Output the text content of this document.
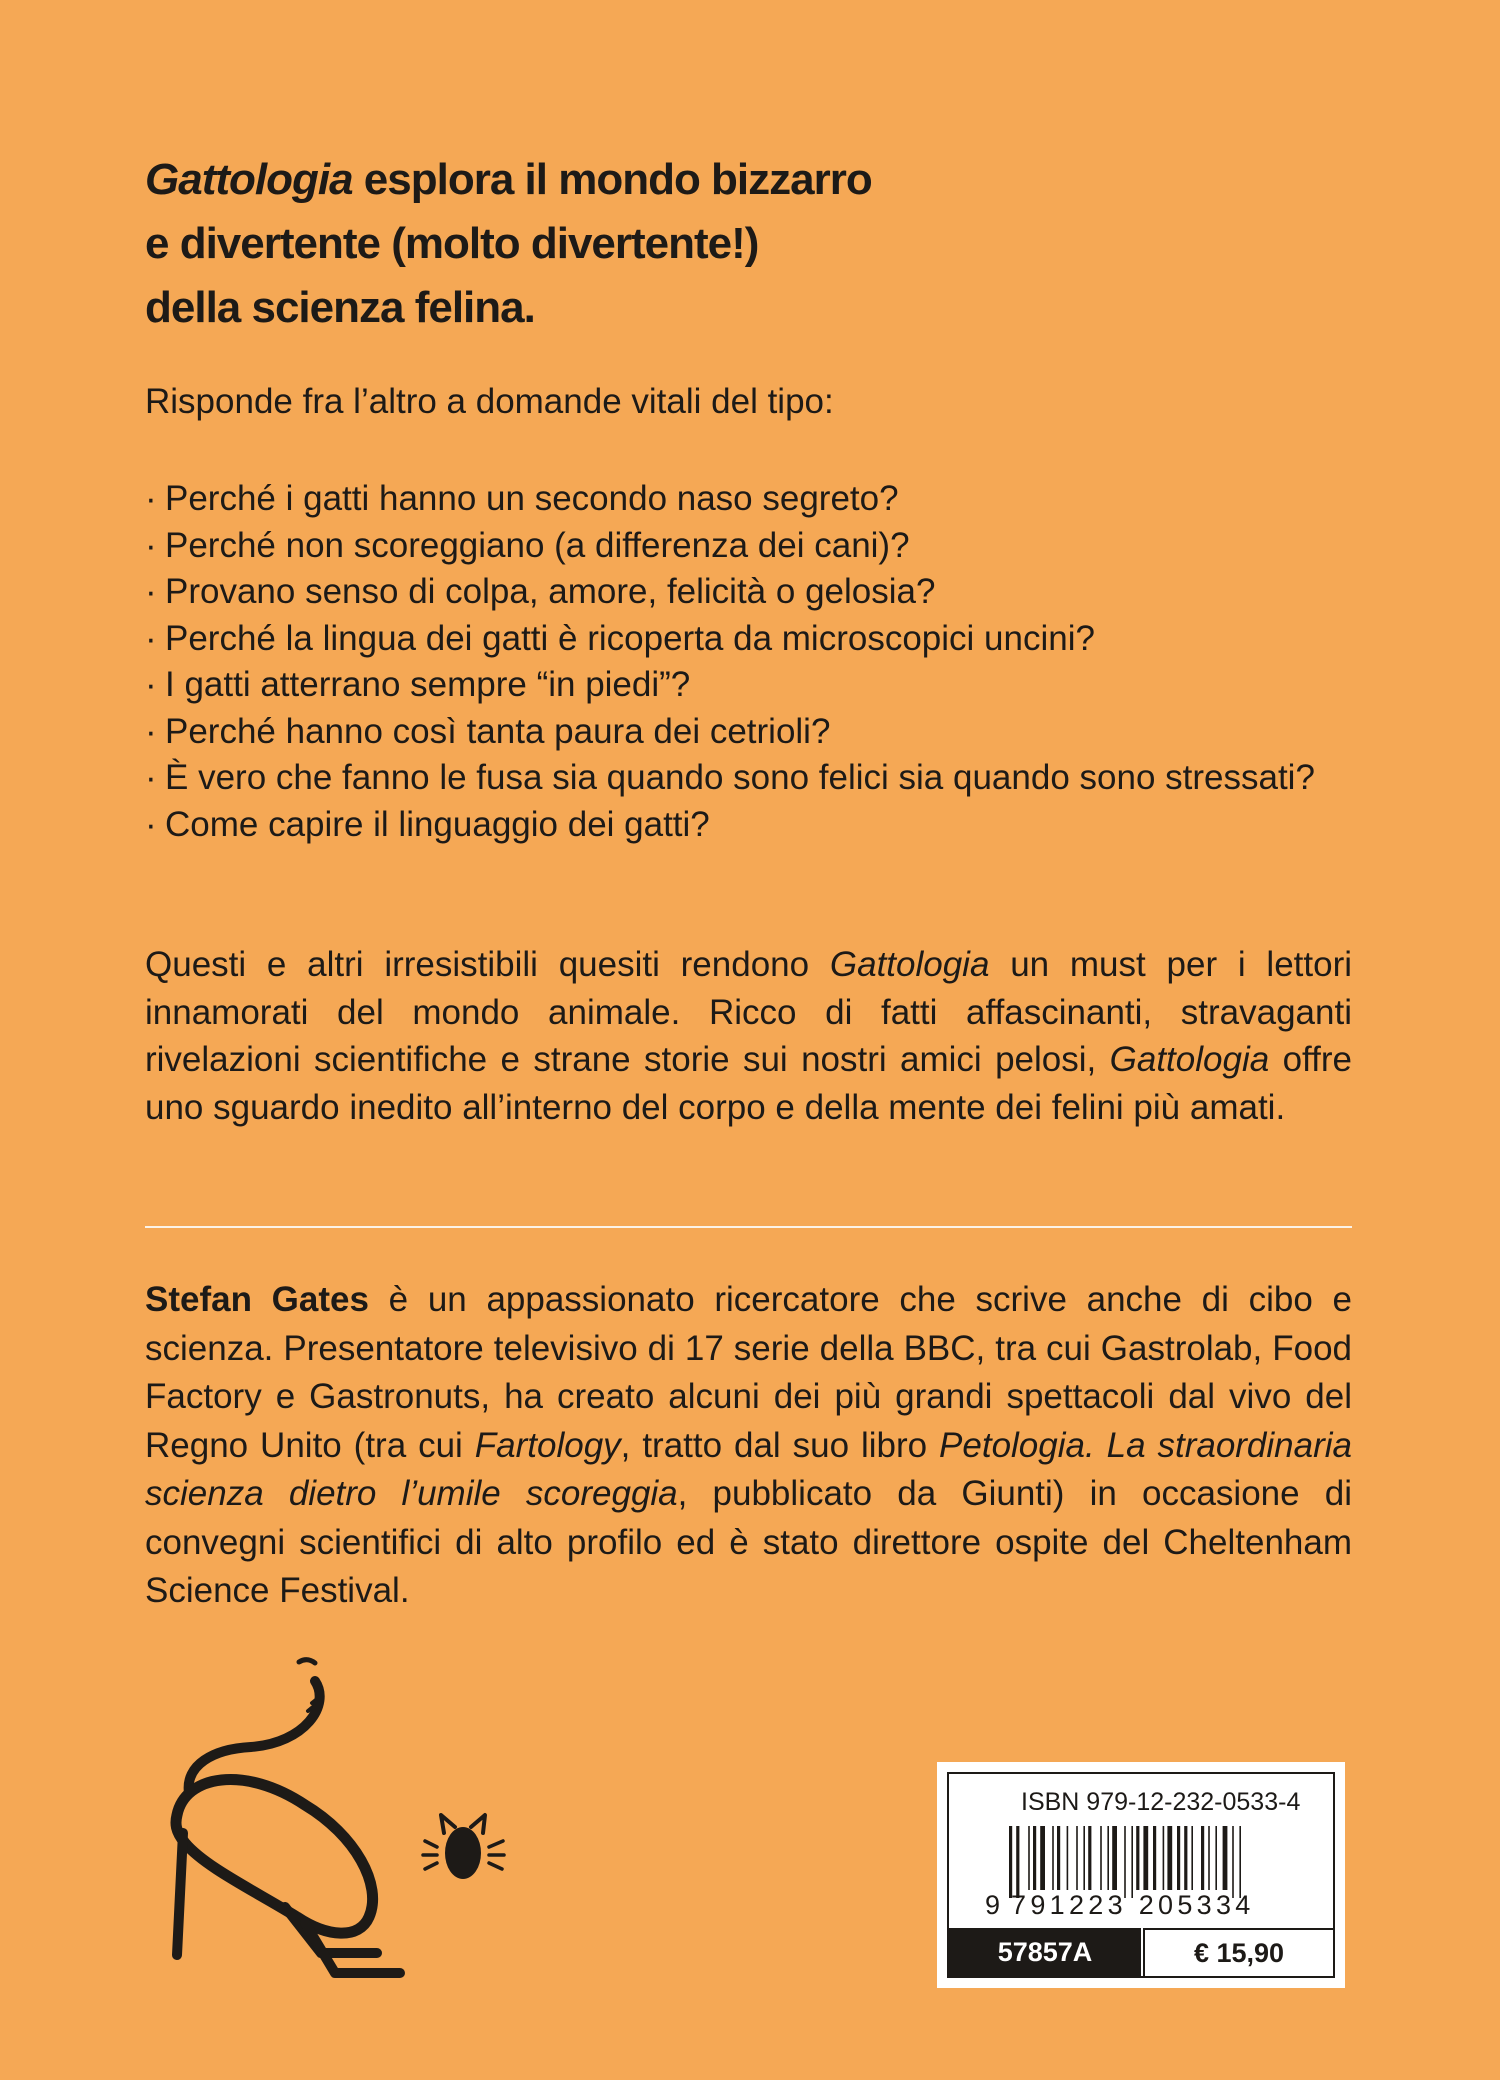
Gattologia esplora il mondo bizzarro
e divertente (molto divertente!)
della scienza felina.
Risponde fra l’altro a domande vitali del tipo:
· Perché i gatti hanno un secondo naso segreto?
· Perché non scoreggiano (a differenza dei cani)?
· Provano senso di colpa, amore, felicità o gelosia?
· Perché la lingua dei gatti è ricoperta da microscopici uncini?
· I gatti atterrano sempre “in piedi”?
· Perché hanno così tanta paura dei cetrioli?
· È vero che fanno le fusa sia quando sono felici sia quando sono stressati?
· Come capire il linguaggio dei gatti?

Questi e altri irresistibili quesiti rendono Gattologia un must per i lettori innamorati del mondo animale. Ricco di fatti affascinanti, stravaganti rivelazioni scientifiche e strane storie sui nostri amici pelosi, Gattologia offre uno sguardo inedito all’interno del corpo e della mente dei felini più amati.

Stefan Gates è un appassionato ricercatore che scrive anche di cibo e scienza. Presentatore televisivo di 17 serie della BBC, tra cui Gastrolab, Food Factory e Gastronuts, ha creato alcuni dei più grandi spettacoli dal vivo del Regno Unito (tra cui Fartology, tratto dal suo libro Petologia. La straordinaria scienza dietro l’umile scoreggia, pubblicato da Giunti) in occasione di convegni scientifici di alto profilo ed è stato direttore ospite del Cheltenham Science Festival.

ISBN 979-12-232-0533-4
9 791223 205334
57857A	€ 15,90
